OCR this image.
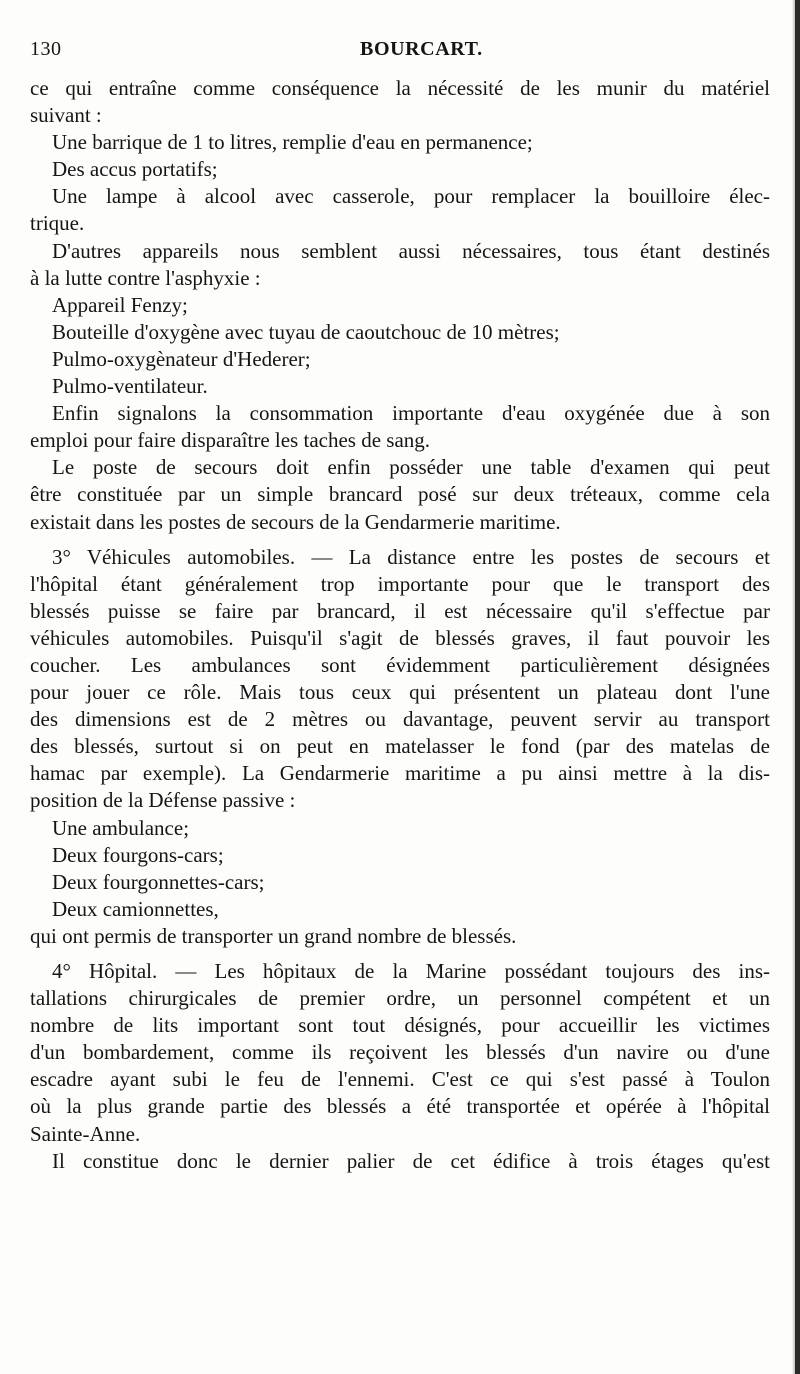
130	BOURCART.
ce qui entraîne comme conséquence la nécessité de les munir du matériel
suivant :
Une barrique de 1 to litres, remplie d'eau en permanence;
Des accus portatifs;
Une lampe à alcool avec casserole, pour remplacer la bouilloire élec-
trique.
D'autres appareils nous semblent aussi nécessaires, tous étant destinés
à la lutte contre l'asphyxie :
Appareil Fenzy;
Bouteille d'oxygène avec tuyau de caoutchouc de 10 mètres;
Pulmo-oxygènateur d'Hederer;
Pulmo-ventilateur.
Enfin signalons la consommation importante d'eau oxygénée due à son
emploi pour faire disparaître les taches de sang.
Le poste de secours doit enfin posséder une table d'examen qui peut
être constituée par un simple brancard posé sur deux tréteaux, comme cela
existait dans les postes de secours de la Gendarmerie maritime.
3° Véhicules automobiles. — La distance entre les postes de secours et
l'hôpital étant généralement trop importante pour que le transport des
blessés puisse se faire par brancard, il est nécessaire qu'il s'effectue par
véhicules automobiles. Puisqu'il s'agit de blessés graves, il faut pouvoir les
coucher. Les ambulances sont évidemment particulièrement désignées
pour jouer ce rôle. Mais tous ceux qui présentent un plateau dont l'une
des dimensions est de 2 mètres ou davantage, peuvent servir au transport
des blessés, surtout si on peut en matelasser le fond (par des matelas de
hamac par exemple). La Gendarmerie maritime a pu ainsi mettre à la dis-
position de la Défense passive :
Une ambulance;
Deux fourgons-cars;
Deux fourgonnettes-cars;
Deux camionnettes,
qui ont permis de transporter un grand nombre de blessés.
4° Hôpital. — Les hôpitaux de la Marine possédant toujours des ins-
tallations chirurgicales de premier ordre, un personnel compétent et un
nombre de lits important sont tout désignés, pour accueillir les victimes
d'un bombardement, comme ils reçoivent les blessés d'un navire ou d'une
escadre ayant subi le feu de l'ennemi. C'est ce qui s'est passé à Toulon
où la plus grande partie des blessés a été transportée et opérée à l'hôpital
Sainte-Anne.
Il constitue donc le dernier palier de cet édifice à trois étages qu'est
